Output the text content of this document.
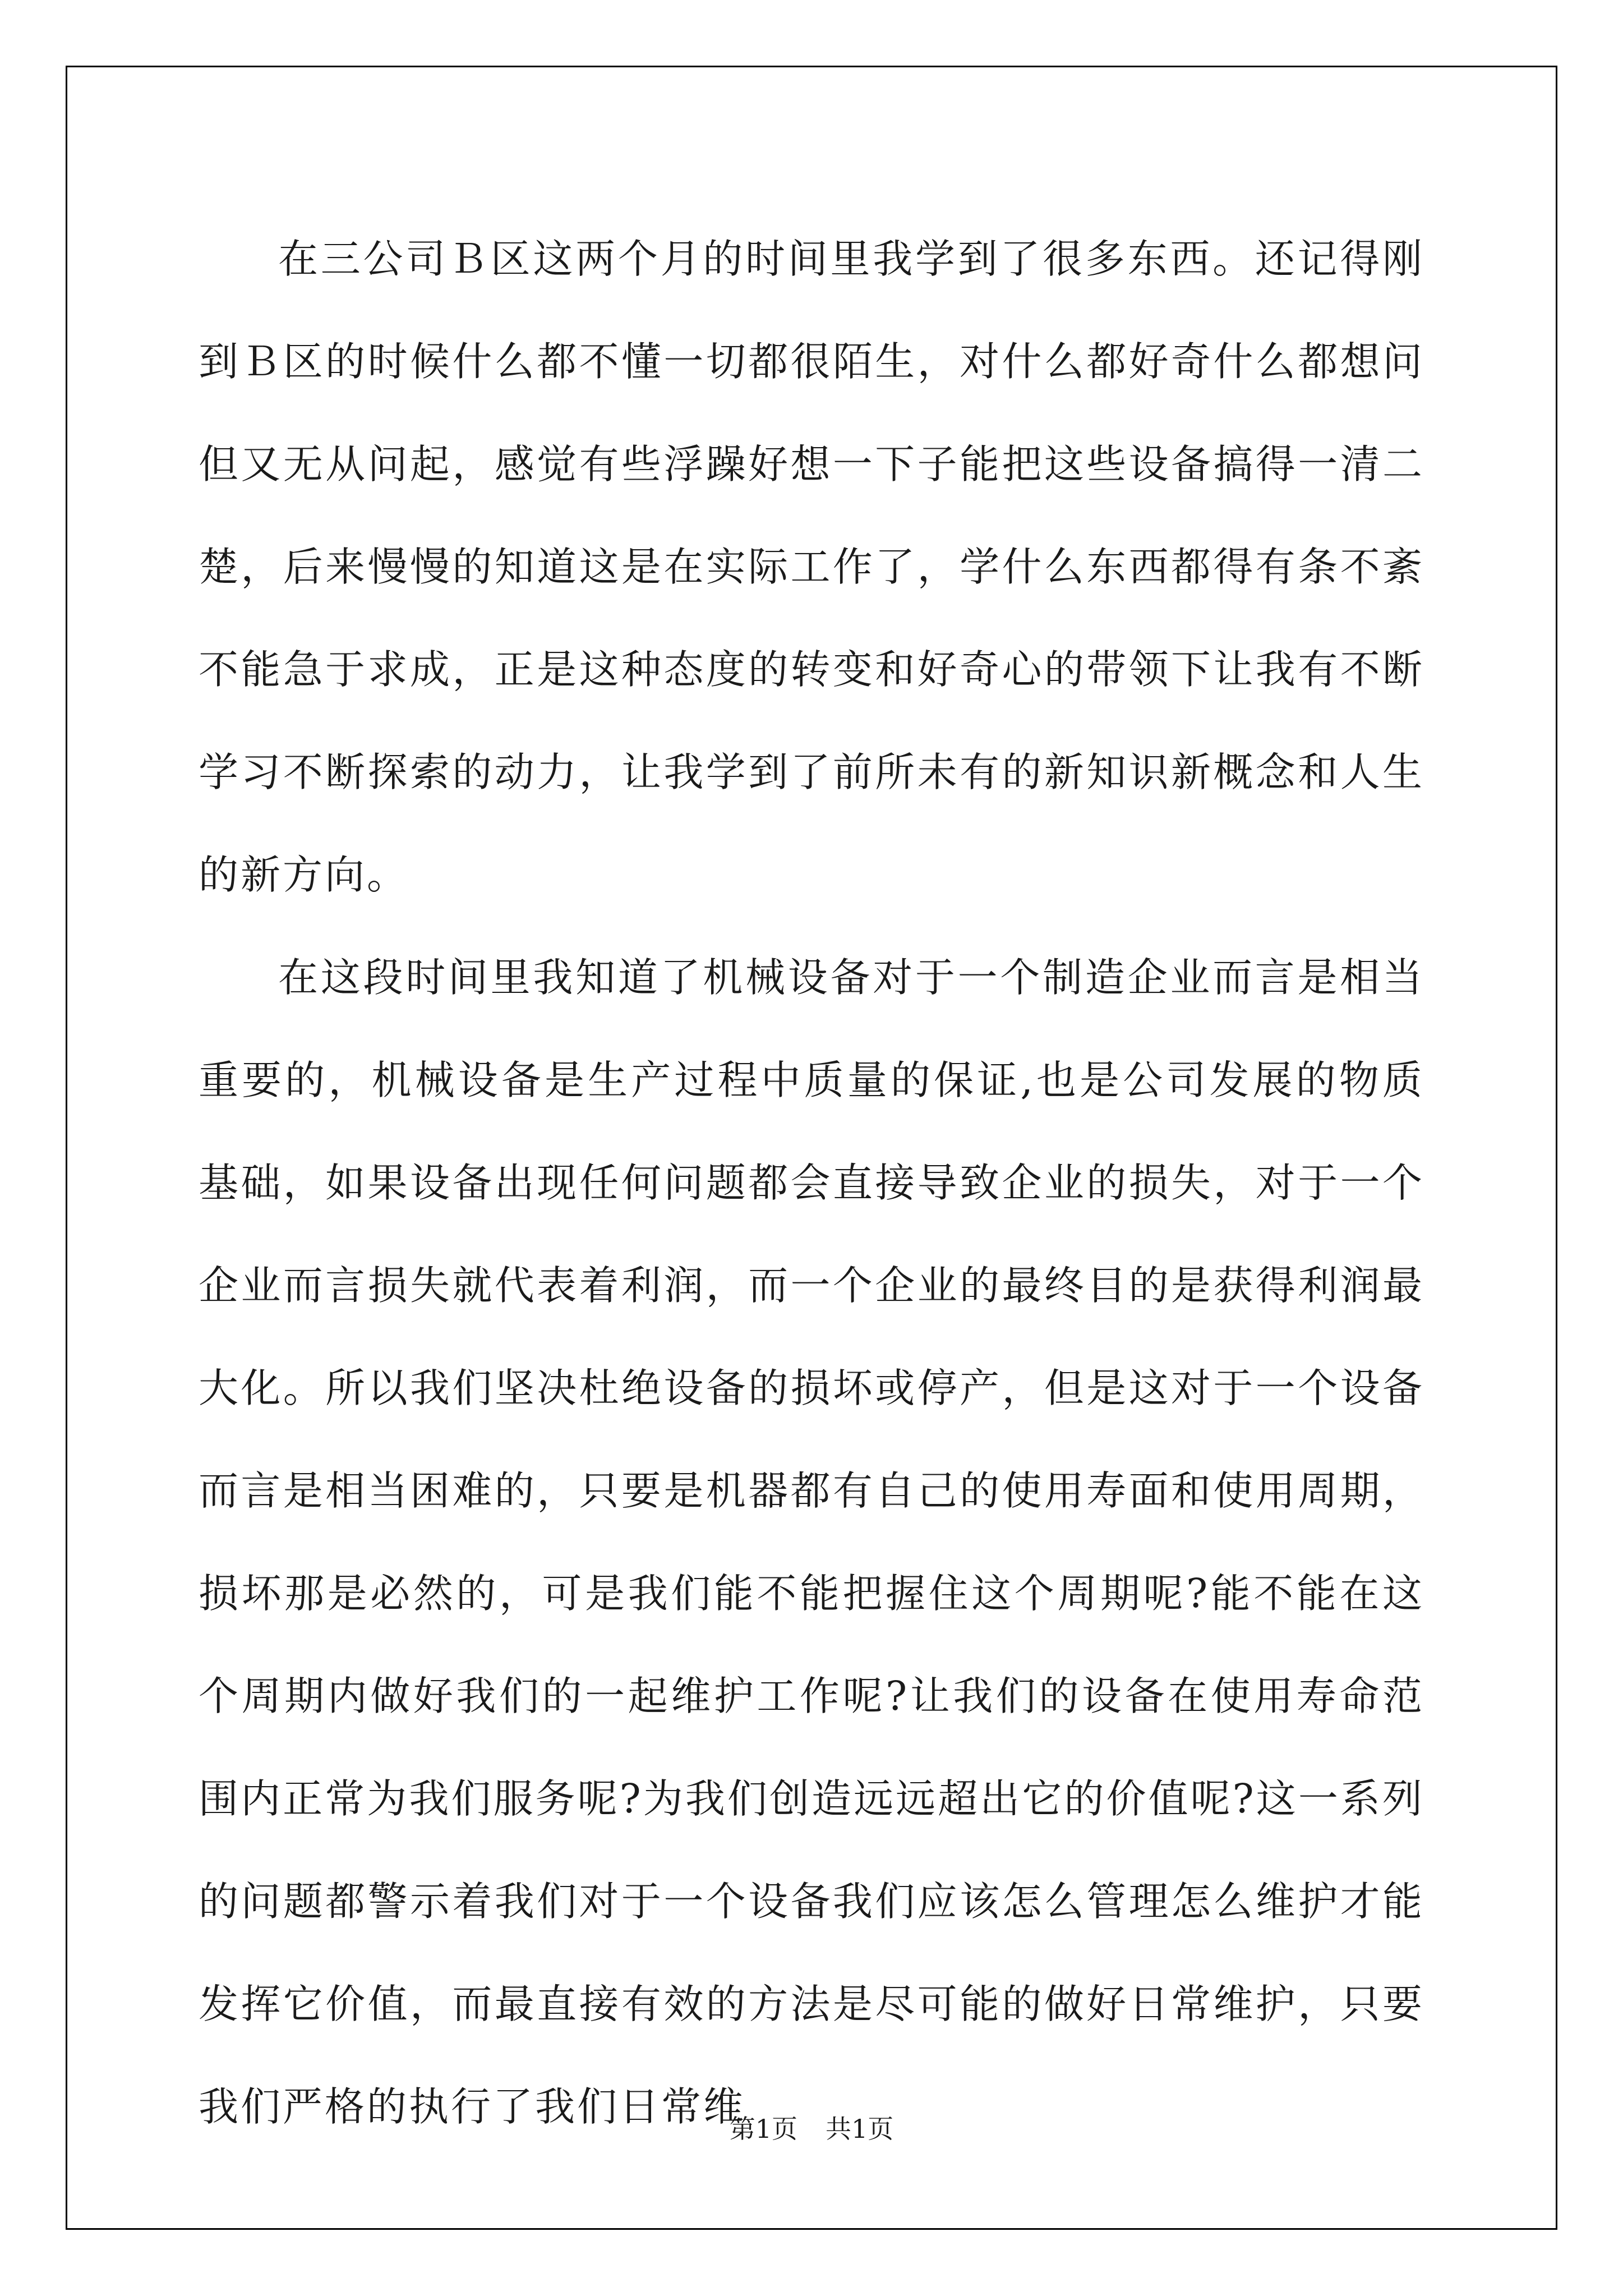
在三公司Ｂ区这两个月的时间里我学到了很多东西。还记得刚到Ｂ区的时候什么都不懂一切都很陌生，对什么都好奇什么都想问但又无从问起，感觉有些浮躁好想一下子能把这些设备搞得一清二楚，后来慢慢的知道这是在实际工作了，学什么东西都得有条不紊不能急于求成，正是这种态度的转变和好奇心的带领下让我有不断学习不断探索的动力，让我学到了前所未有的新知识新概念和人生的新方向。

在这段时间里我知道了机械设备对于一个制造企业而言是相当重要的，机械设备是生产过程中质量的保证,也是公司发展的物质基础，如果设备出现任何问题都会直接导致企业的损失，对于一个企业而言损失就代表着利润，而一个企业的最终目的是获得利润最大化。所以我们坚决杜绝设备的损坏或停产，但是这对于一个设备而言是相当困难的，只要是机器都有自己的使用寿面和使用周期，损坏那是必然的，可是我们能不能把握住这个周期呢?能不能在这个周期内做好我们的一起维护工作呢?让我们的设备在使用寿命范围内正常为我们服务呢?为我们创造远远超出它的价值呢?这一系列的问题都警示着我们对于一个设备我们应该怎么管理怎么维护才能发挥它价值，而最直接有效的方法是尽可能的做好日常维护，只要我们严格的执行了我们日常维

第1页 共1页
